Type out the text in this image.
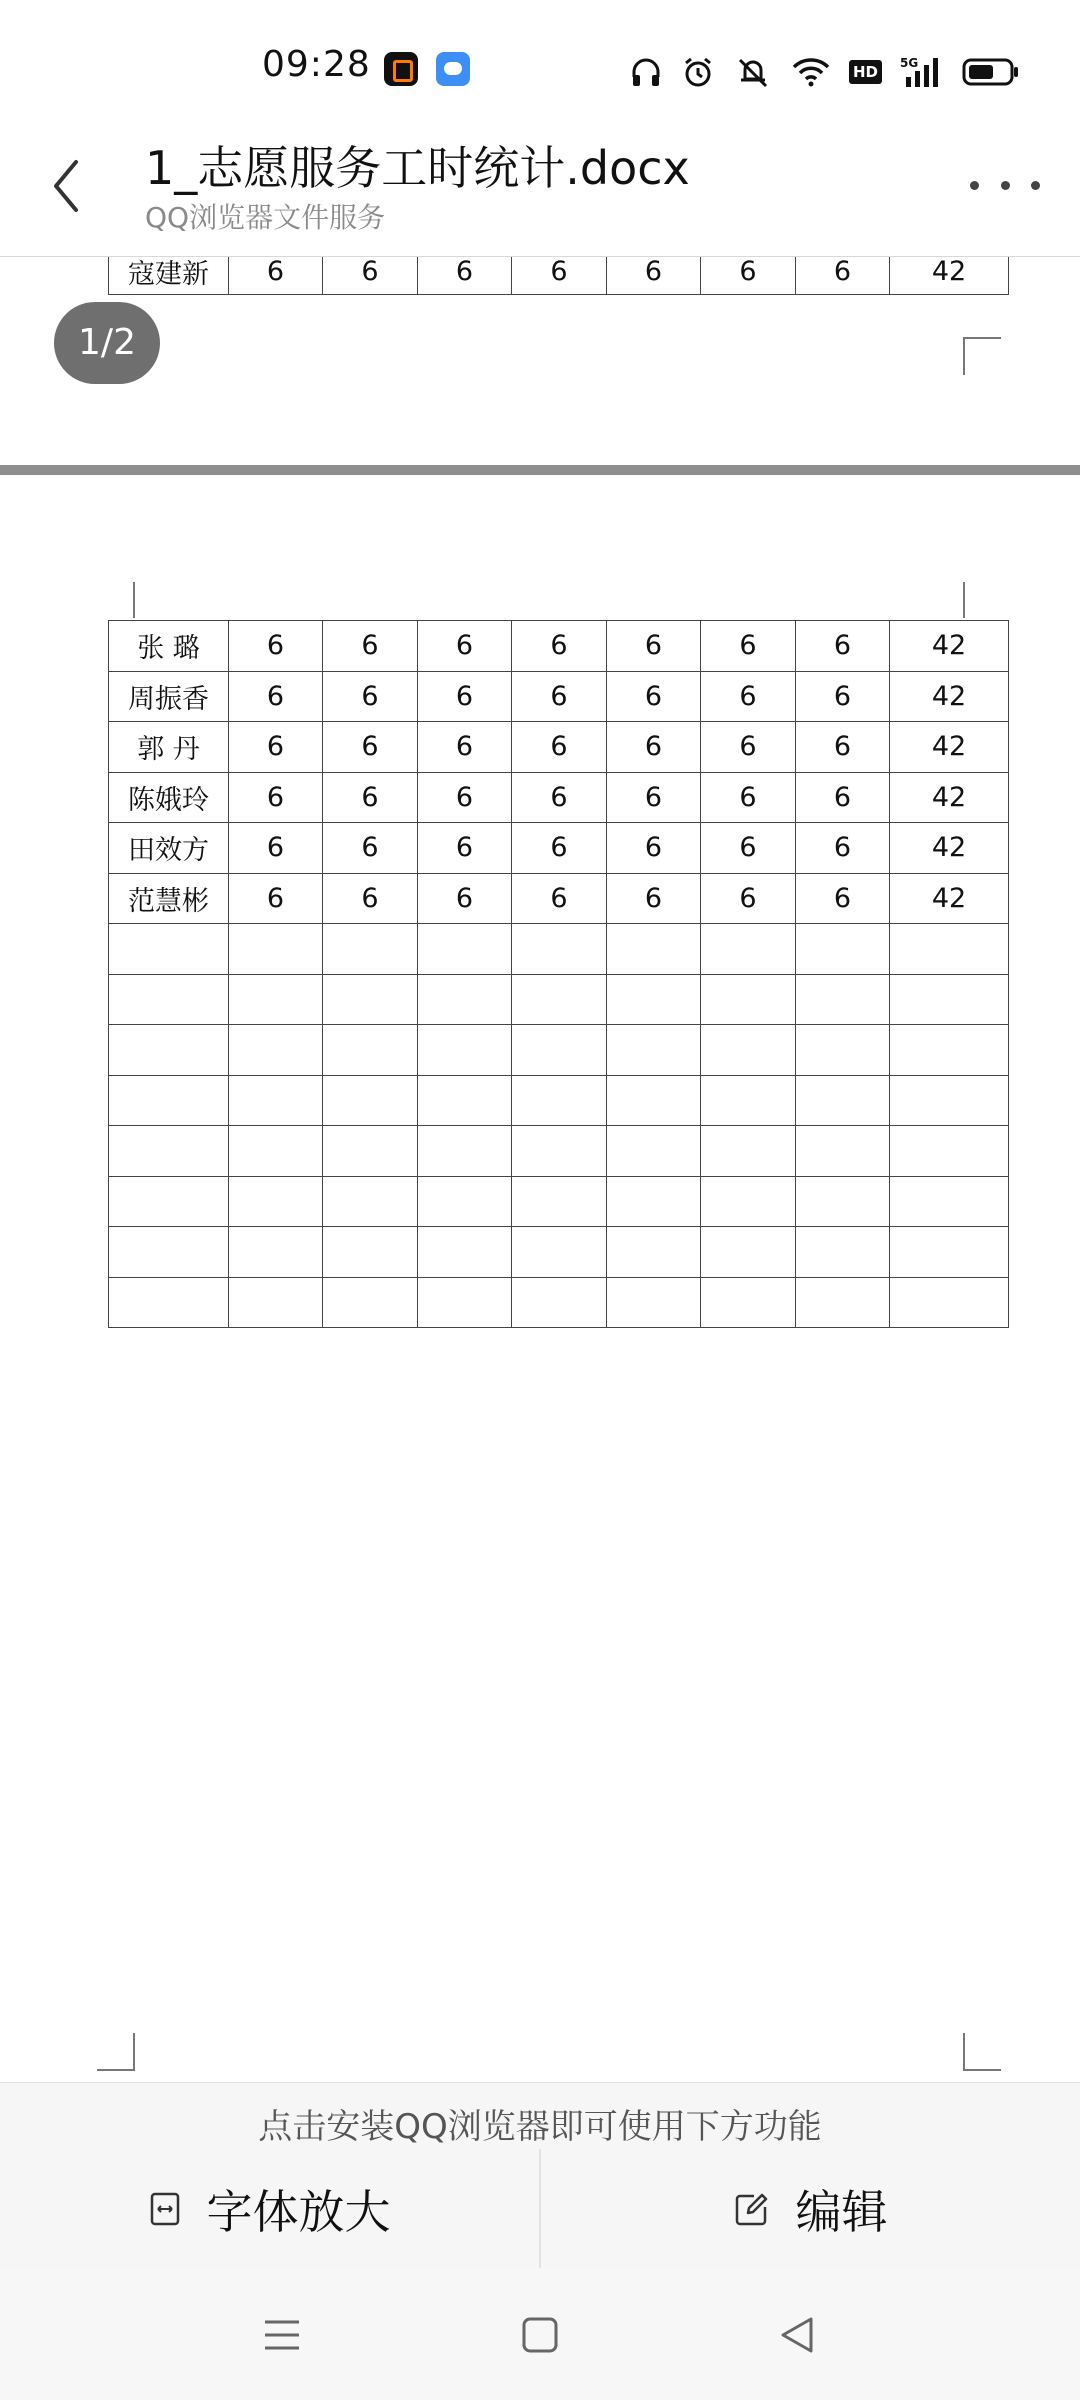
09:28	HD	5G
1_志愿服务工时统计.docx
QQ浏览器文件服务
寇建新	6	6	6	6	6	6	6	42
1/2
张 璐	6	6	6	6	6	6	6	42
周振香	6	6	6	6	6	6	6	42
郭 丹	6	6	6	6	6	6	6	42
陈娥玲	6	6	6	6	6	6	6	42
田效方	6	6	6	6	6	6	6	42
范慧彬	6	6	6	6	6	6	6	42

点击安装QQ浏览器即可使用下方功能
字体放大	编辑
